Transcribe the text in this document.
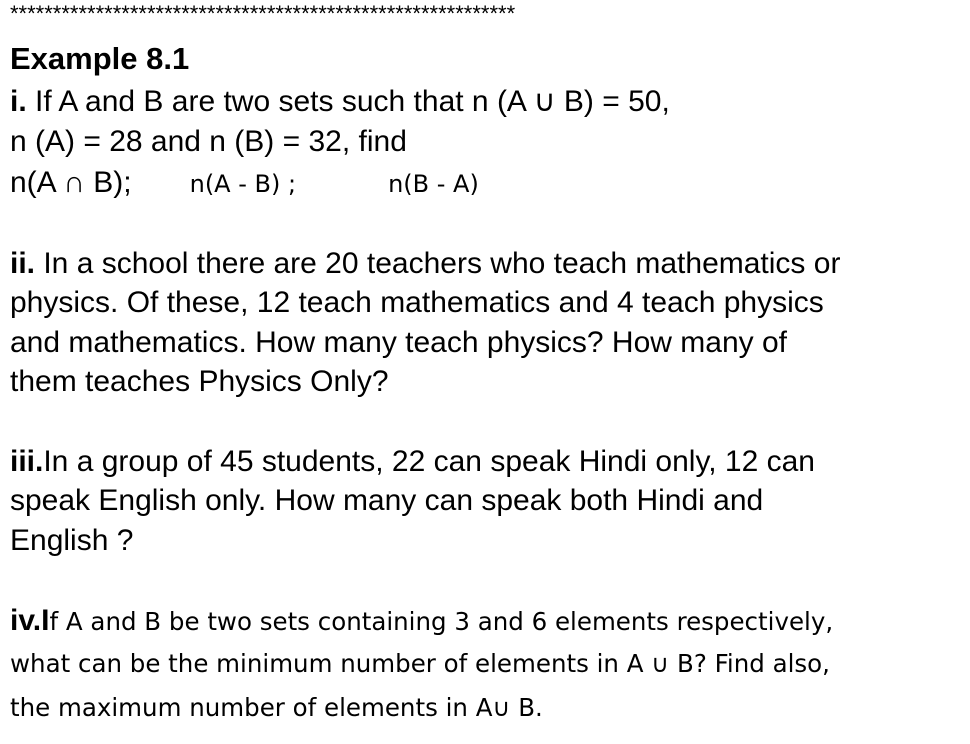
***********************************************************
Example 8.1
i. If A and B are two sets such that n (A ∪ B) = 50,
n (A) = 28 and n (B) = 32, find
n(A ∩ B); n(A - B) ;	n(B - A)
ii. In a school there are 20 teachers who teach mathematics or
physics. Of these, 12 teach mathematics and 4 teach physics
and mathematics. How many teach physics? How many of
them teaches Physics Only?
iii.In a group of 45 students, 22 can speak Hindi only, 12 can
speak English only. How many can speak both Hindi and
English ?
iv.If A and B be two sets containing 3 and 6 elements respectively,
what can be the minimum number of elements in A ∪ B? Find also,
the maximum number of elements in A∪ B.
